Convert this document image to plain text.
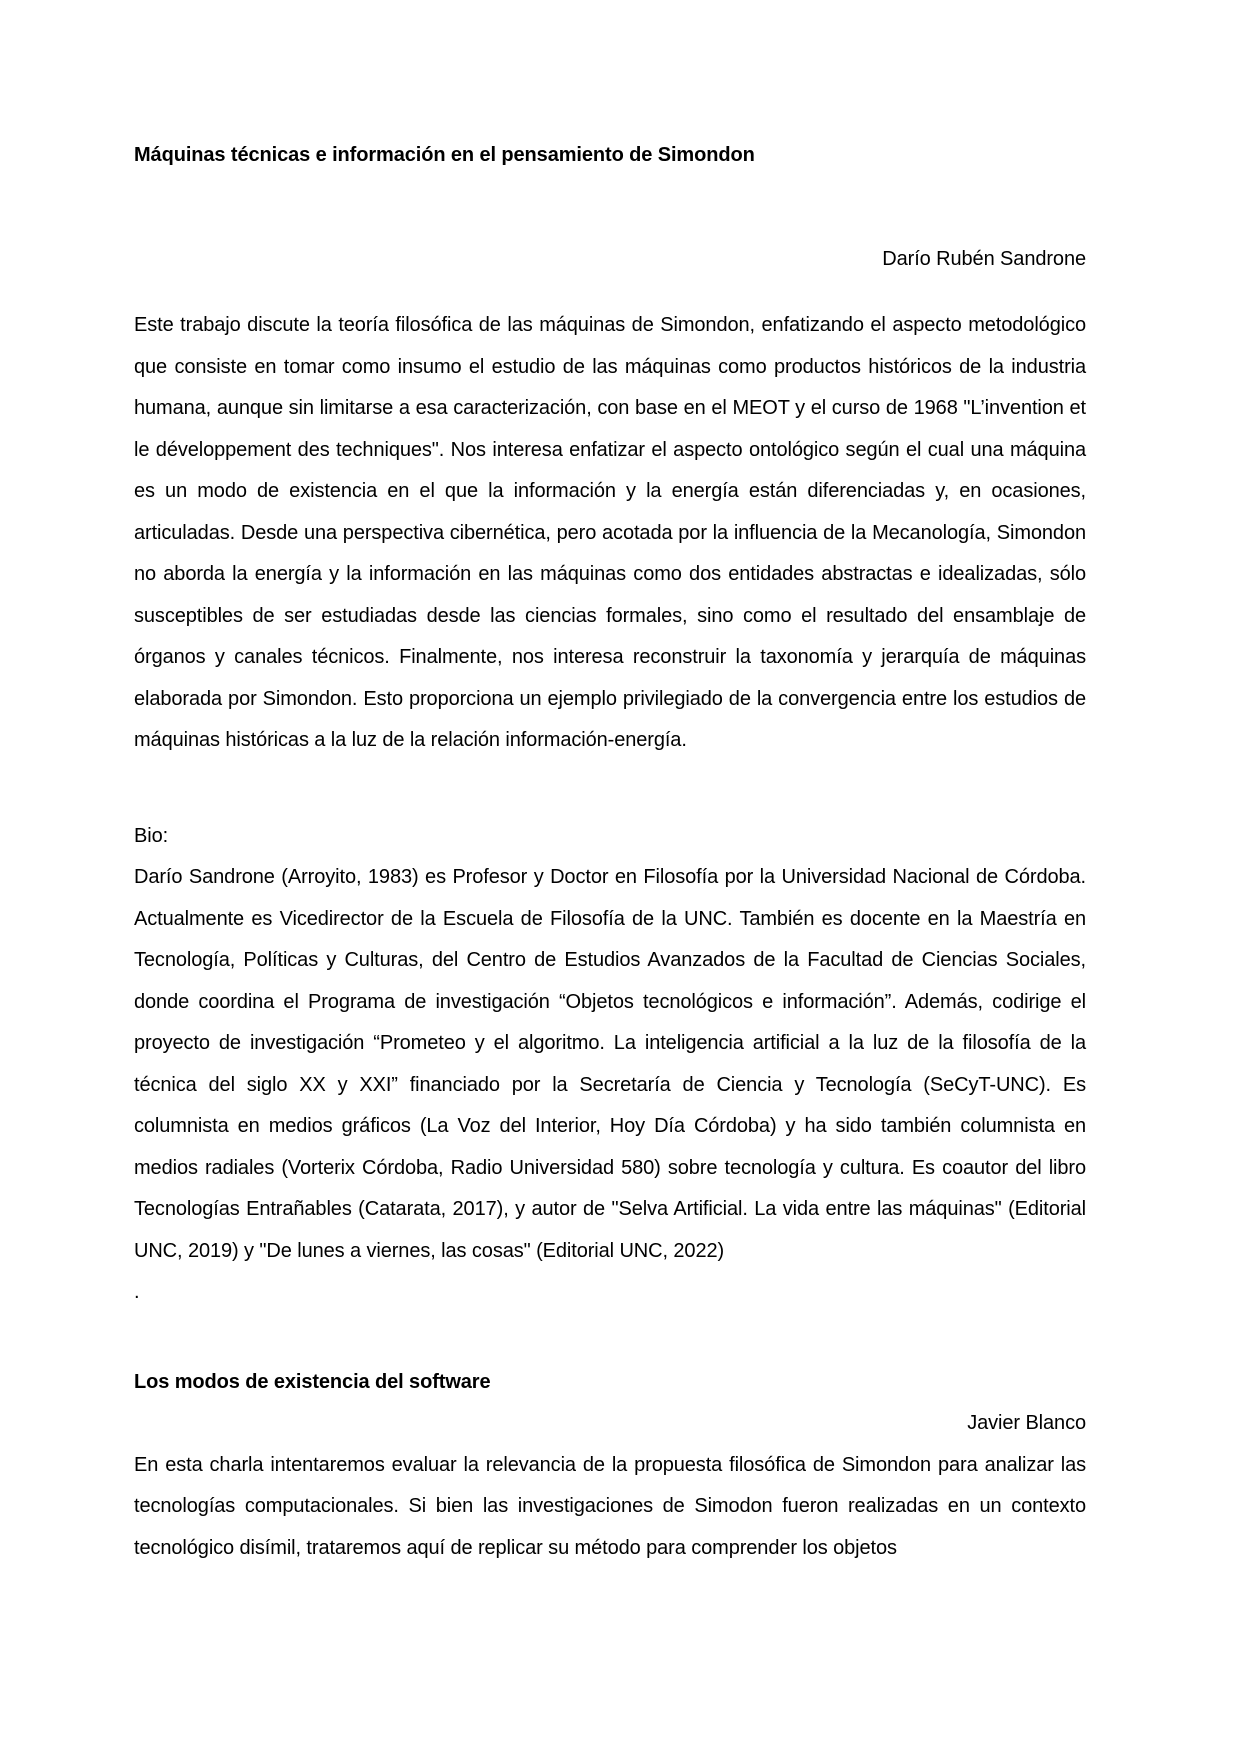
Máquinas técnicas e información en el pensamiento de Simondon
Darío Rubén Sandrone

Este trabajo discute la teoría filosófica de las máquinas de Simondon, enfatizando el aspecto metodológico que consiste en tomar como insumo el estudio de las máquinas como productos históricos de la industria humana, aunque sin limitarse a esa caracterización, con base en el MEOT y el curso de 1968 "L’invention et le développement des techniques". Nos interesa enfatizar el aspecto ontológico según el cual una máquina es un modo de existencia en el que la información y la energía están diferenciadas y, en ocasiones, articuladas. Desde una perspectiva cibernética, pero acotada por la influencia de la Mecanología, Simondon no aborda la energía y la información en las máquinas como dos entidades abstractas e idealizadas, sólo susceptibles de ser estudiadas desde las ciencias formales, sino como el resultado del ensamblaje de órganos y canales técnicos. Finalmente, nos interesa reconstruir la taxonomía y jerarquía de máquinas elaborada por Simondon. Esto proporciona un ejemplo privilegiado de la convergencia entre los estudios de máquinas históricas a la luz de la relación información-energía.

Bio:

Darío Sandrone (Arroyito, 1983) es Profesor y Doctor en Filosofía por la Universidad Nacional de Córdoba. Actualmente es Vicedirector de la Escuela de Filosofía de la UNC. También es docente en la Maestría en Tecnología, Políticas y Culturas, del Centro de Estudios Avanzados de la Facultad de Ciencias Sociales, donde coordina el Programa de investigación “Objetos tecnológicos e información”. Además, codirige el proyecto de investigación “Prometeo y el algoritmo. La inteligencia artificial a la luz de la filosofía de la técnica del siglo XX y XXI” financiado por la Secretaría de Ciencia y Tecnología (SeCyT-UNC). Es columnista en medios gráficos (La Voz del Interior, Hoy Día Córdoba) y ha sido también columnista en medios radiales (Vorterix Córdoba, Radio Universidad 580) sobre tecnología y cultura. Es coautor del libro Tecnologías Entrañables (Catarata, 2017), y autor de "Selva Artificial. La vida entre las máquinas" (Editorial UNC, 2019) y "De lunes a viernes, las cosas" (Editorial UNC, 2022)

.
Los modos de existencia del software
Javier Blanco

En esta charla intentaremos evaluar la relevancia de la propuesta filosófica de Simondon para analizar las tecnologías computacionales. Si bien las investigaciones de Simodon fueron realizadas en un contexto tecnológico disímil, trataremos aquí de replicar su método para comprender los objetos
